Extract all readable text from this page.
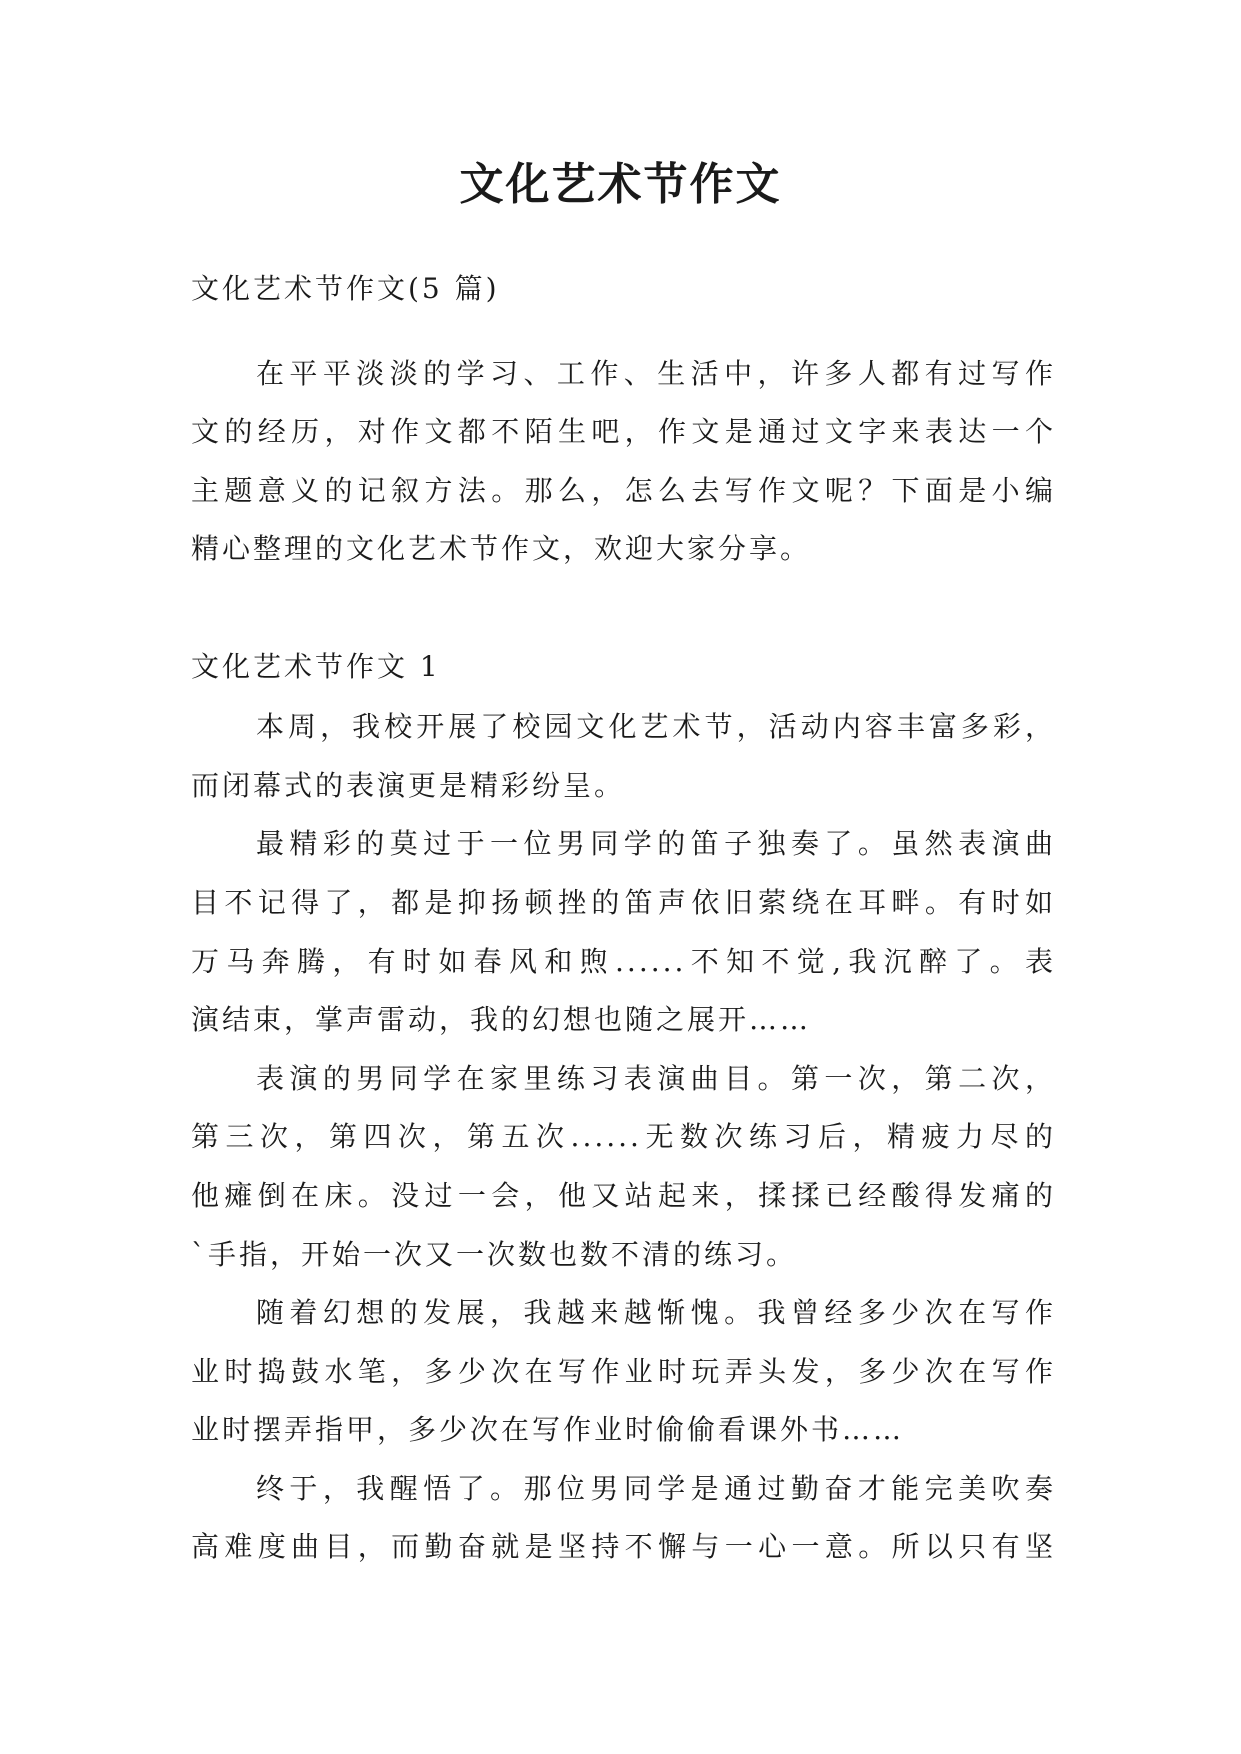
文化艺术节作文
文化艺术节作文(5 篇)
在平平淡淡的学习、工作、生活中，许多人都有过写作
文的经历，对作文都不陌生吧，作文是通过文字来表达一个
主题意义的记叙方法。那么，怎么去写作文呢？下面是小编
精心整理的文化艺术节作文，欢迎大家分享。
文化艺术节作文 1
本周，我校开展了校园文化艺术节，活动内容丰富多彩，
而闭幕式的表演更是精彩纷呈。
最精彩的莫过于一位男同学的笛子独奏了。虽然表演曲
目不记得了，都是抑扬顿挫的笛声依旧萦绕在耳畔。有时如
万马奔腾，有时如春风和煦......不知不觉,我沉醉了。表
演结束，掌声雷动，我的幻想也随之展开……
表演的男同学在家里练习表演曲目。第一次，第二次，
第三次，第四次，第五次......无数次练习后，精疲力尽的
他瘫倒在床。没过一会，他又站起来，揉揉已经酸得发痛的
`手指，开始一次又一次数也数不清的练习。
随着幻想的发展，我越来越惭愧。我曾经多少次在写作
业时捣鼓水笔，多少次在写作业时玩弄头发，多少次在写作
业时摆弄指甲，多少次在写作业时偷偷看课外书……
终于，我醒悟了。那位男同学是通过勤奋才能完美吹奏
高难度曲目，而勤奋就是坚持不懈与一心一意。所以只有坚
